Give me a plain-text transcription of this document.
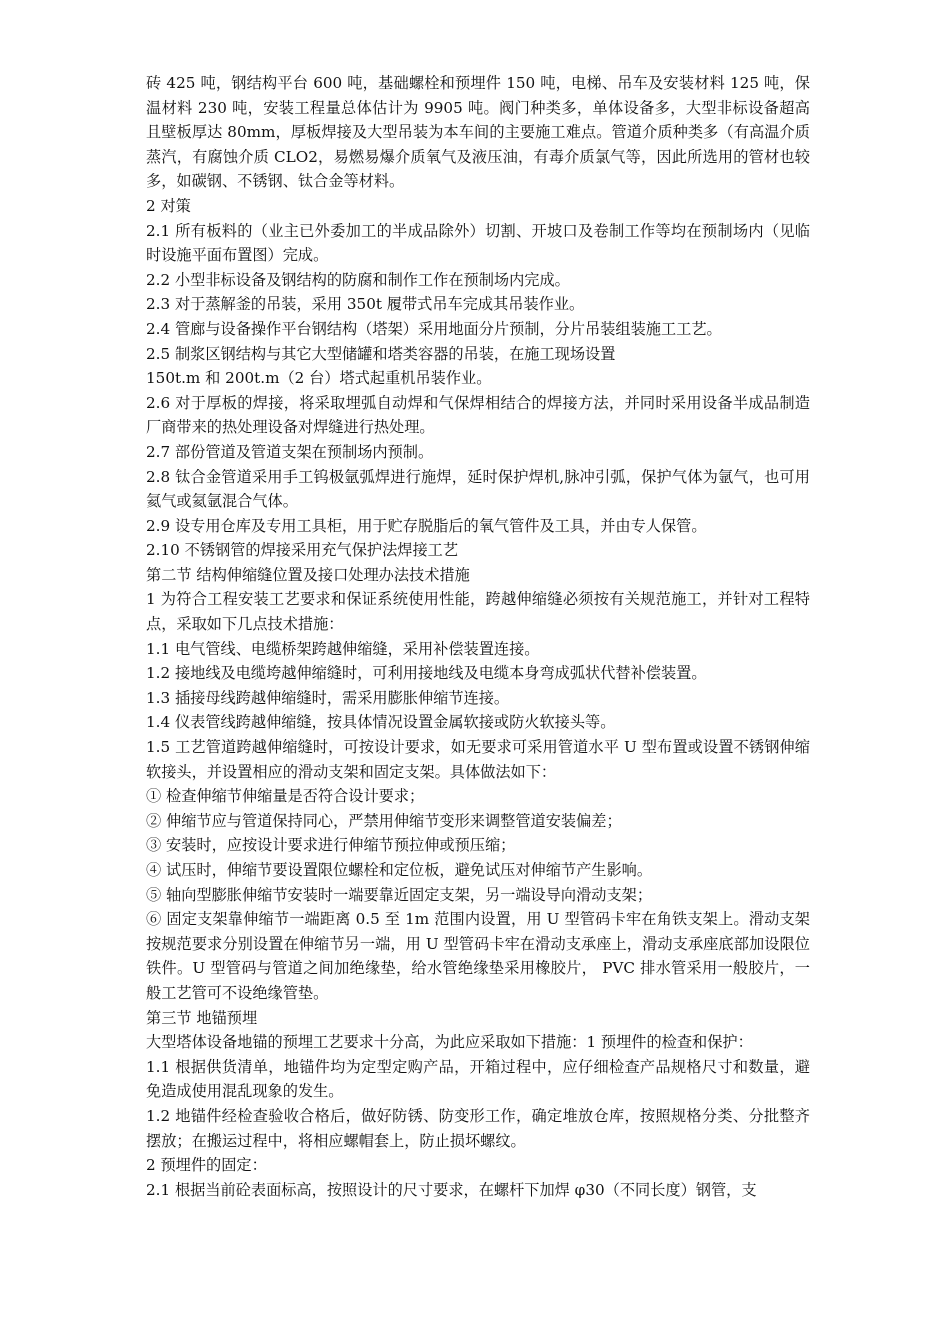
砖 425 吨，钢结构平台 600 吨，基础螺栓和预埋件 150 吨，电梯、吊车及安装材料 125 吨，保温材料 230 吨，安装工程量总体估计为 9905 吨。阀门种类多，单体设备多，大型非标设备超高且壁板厚达 80mm，厚板焊接及大型吊装为本车间的主要施工难点。管道介质种类多（有高温介质蒸汽，有腐蚀介质 CLO2，易燃易爆介质氧气及液压油，有毒介质氯气等，因此所选用的管材也较多，如碳钢、不锈钢、钛合金等材料。

2 对策

2.1 所有板料的（业主已外委加工的半成品除外）切割、开坡口及卷制工作等均在预制场内（见临时设施平面布置图）完成。

2.2 小型非标设备及钢结构的防腐和制作工作在预制场内完成。

2.3 对于蒸解釜的吊装，采用 350t 履带式吊车完成其吊装作业。

2.4 管廊与设备操作平台钢结构（塔架）采用地面分片预制，分片吊装组装施工工艺。

2.5 制浆区钢结构与其它大型储罐和塔类容器的吊装，在施工现场设置

150t.m 和 200t.m（2 台）塔式起重机吊装作业。

2.6 对于厚板的焊接，将采取埋弧自动焊和气保焊相结合的焊接方法，并同时采用设备半成品制造厂商带来的热处理设备对焊缝进行热处理。

2.7 部份管道及管道支架在预制场内预制。

2.8 钛合金管道采用手工钨极氩弧焊进行施焊，延时保护焊机,脉冲引弧，保护气体为氩气，也可用氦气或氦氩混合气体。

2.9 设专用仓库及专用工具柜，用于贮存脱脂后的氧气管件及工具，并由专人保管。

2.10 不锈钢管的焊接采用充气保护法焊接工艺

第二节 结构伸缩缝位置及接口处理办法技术措施

1 为符合工程安装工艺要求和保证系统使用性能，跨越伸缩缝必须按有关规范施工，并针对工程特点，采取如下几点技术措施：

1.1 电气管线、电缆桥架跨越伸缩缝，采用补偿装置连接。

1.2 接地线及电缆垮越伸缩缝时，可利用接地线及电缆本身弯成弧状代替补偿装置。

1.3 插接母线跨越伸缩缝时，需采用膨胀伸缩节连接。

1.4 仪表管线跨越伸缩缝，按具体情况设置金属软接或防火软接头等。

1.5 工艺管道跨越伸缩缝时，可按设计要求，如无要求可采用管道水平 U 型布置或设置不锈钢伸缩软接头，并设置相应的滑动支架和固定支架。具体做法如下：

① 检查伸缩节伸缩量是否符合设计要求；

② 伸缩节应与管道保持同心，严禁用伸缩节变形来调整管道安装偏差；

③ 安装时，应按设计要求进行伸缩节预拉伸或预压缩；

④ 试压时，伸缩节要设置限位螺栓和定位板，避免试压对伸缩节产生影响。

⑤ 轴向型膨胀伸缩节安装时一端要靠近固定支架，另一端设导向滑动支架；

⑥ 固定支架靠伸缩节一端距离 0.5 至 1m 范围内设置，用 U 型管码卡牢在角铁支架上。滑动支架按规范要求分别设置在伸缩节另一端，用 U 型管码卡牢在滑动支承座上，滑动支承座底部加设限位铁件。U 型管码与管道之间加绝缘垫，给水管绝缘垫采用橡胶片， PVC 排水管采用一般胶片，一般工艺管可不设绝缘管垫。

第三节 地锚预埋

大型塔体设备地锚的预埋工艺要求十分高，为此应采取如下措施：1 预埋件的检查和保护：

1.1 根据供货清单，地锚件均为定型定购产品，开箱过程中，应仔细检查产品规格尺寸和数量，避免造成使用混乱现象的发生。

1.2 地锚件经检查验收合格后，做好防锈、防变形工作，确定堆放仓库，按照规格分类、分批整齐摆放；在搬运过程中，将相应螺帽套上，防止损坏螺纹。

2 预埋件的固定：

2.1 根据当前砼表面标高，按照设计的尺寸要求，在螺杆下加焊 φ30（不同长度）钢管，支
